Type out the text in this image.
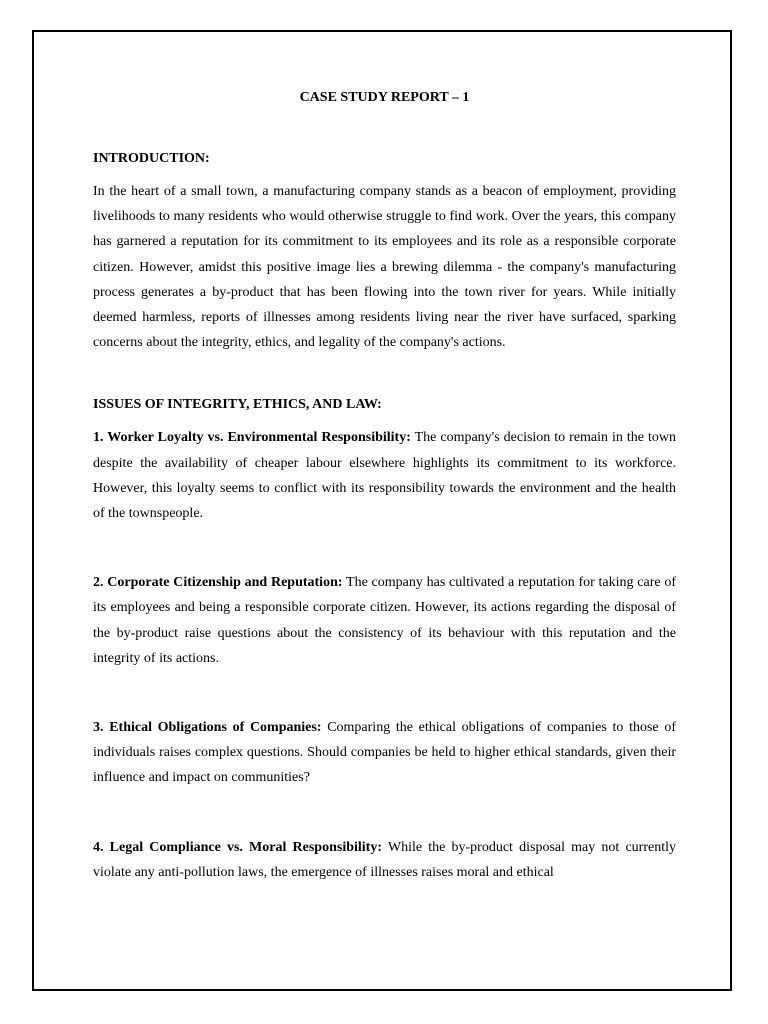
CASE STUDY REPORT – 1

INTRODUCTION:

In the heart of a small town, a manufacturing company stands as a beacon of employment, providing livelihoods to many residents who would otherwise struggle to find work. Over the years, this company has garnered a reputation for its commitment to its employees and its role as a responsible corporate citizen. However, amidst this positive image lies a brewing dilemma - the company's manufacturing process generates a by-product that has been flowing into the town river for years. While initially deemed harmless, reports of illnesses among residents living near the river have surfaced, sparking concerns about the integrity, ethics, and legality of the company's actions.

ISSUES OF INTEGRITY, ETHICS, AND LAW:

1. Worker Loyalty vs. Environmental Responsibility: The company's decision to remain in the town despite the availability of cheaper labour elsewhere highlights its commitment to its workforce. However, this loyalty seems to conflict with its responsibility towards the environment and the health of the townspeople.

2. Corporate Citizenship and Reputation: The company has cultivated a reputation for taking care of its employees and being a responsible corporate citizen. However, its actions regarding the disposal of the by-product raise questions about the consistency of its behaviour with this reputation and the integrity of its actions.

3. Ethical Obligations of Companies: Comparing the ethical obligations of companies to those of individuals raises complex questions. Should companies be held to higher ethical standards, given their influence and impact on communities?

4. Legal Compliance vs. Moral Responsibility: While the by-product disposal may not currently violate any anti-pollution laws, the emergence of illnesses raises moral and ethical
